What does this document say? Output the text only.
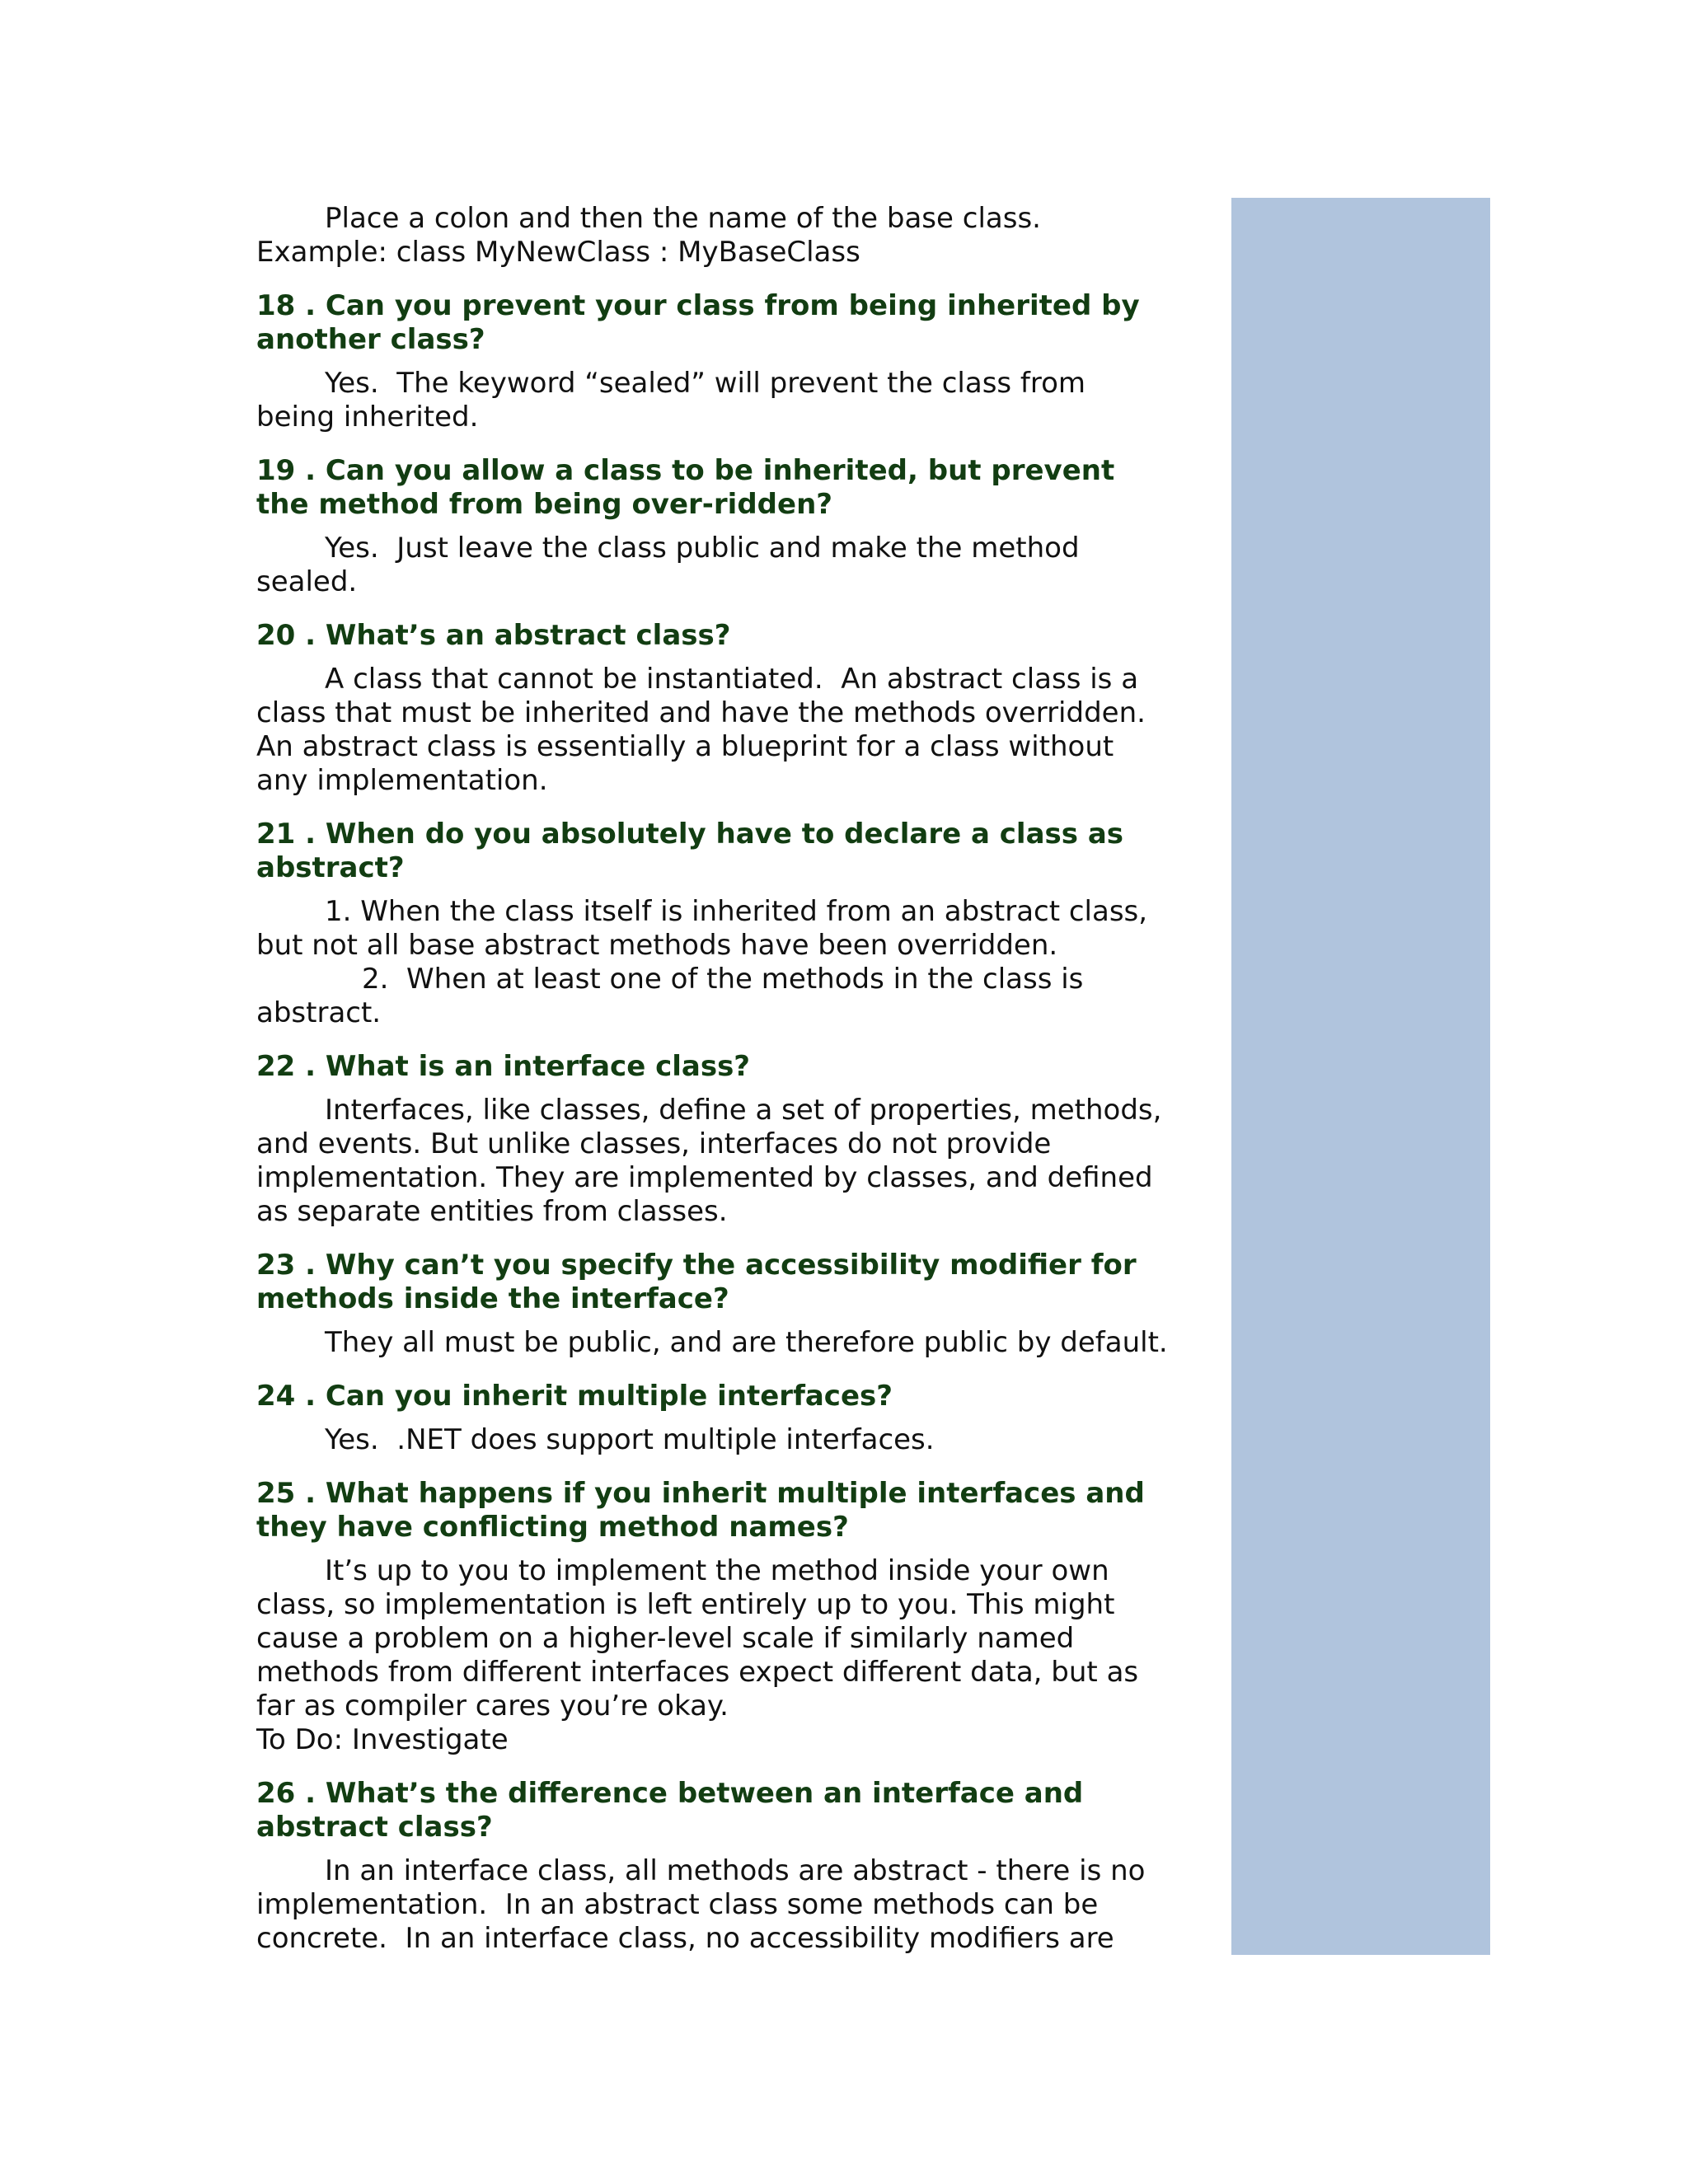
Place a colon and then the name of the base class.

Example: class MyNewClass : MyBaseClass

18 . Can you prevent your class from being inherited by another class?

Yes.  The keyword “sealed” will prevent the class from being inherited.

19 . Can you allow a class to be inherited, but prevent the method from being over-ridden?

Yes.  Just leave the class public and make the method sealed.

20 . What’s an abstract class?

A class that cannot be instantiated.  An abstract class is a class that must be inherited and have the methods overridden.  An abstract class is essentially a blueprint for a class without any implementation.

21 . When do you absolutely have to declare a class as abstract?

1. When the class itself is inherited from an abstract class, but not all base abstract methods have been overridden.

2.  When at least one of the methods in the class is abstract.

22 . What is an interface class?

Interfaces, like classes, define a set of properties, methods, and events. But unlike classes, interfaces do not provide implementation. They are implemented by classes, and defined as separate entities from classes.

23 . Why can’t you specify the accessibility modifier for methods inside the interface?

They all must be public, and are therefore public by default.

24 . Can you inherit multiple interfaces?

Yes.  .NET does support multiple interfaces.

25 . What happens if you inherit multiple interfaces and they have conflicting method names?

It’s up to you to implement the method inside your own class, so implementation is left entirely up to you. This might cause a problem on a higher-level scale if similarly named methods from different interfaces expect different data, but as far as compiler cares you’re okay.

To Do: Investigate

26 . What’s the difference between an interface and abstract class?

In an interface class, all methods are abstract - there is no implementation.  In an abstract class some methods can be concrete.  In an interface class, no accessibility modifiers are
